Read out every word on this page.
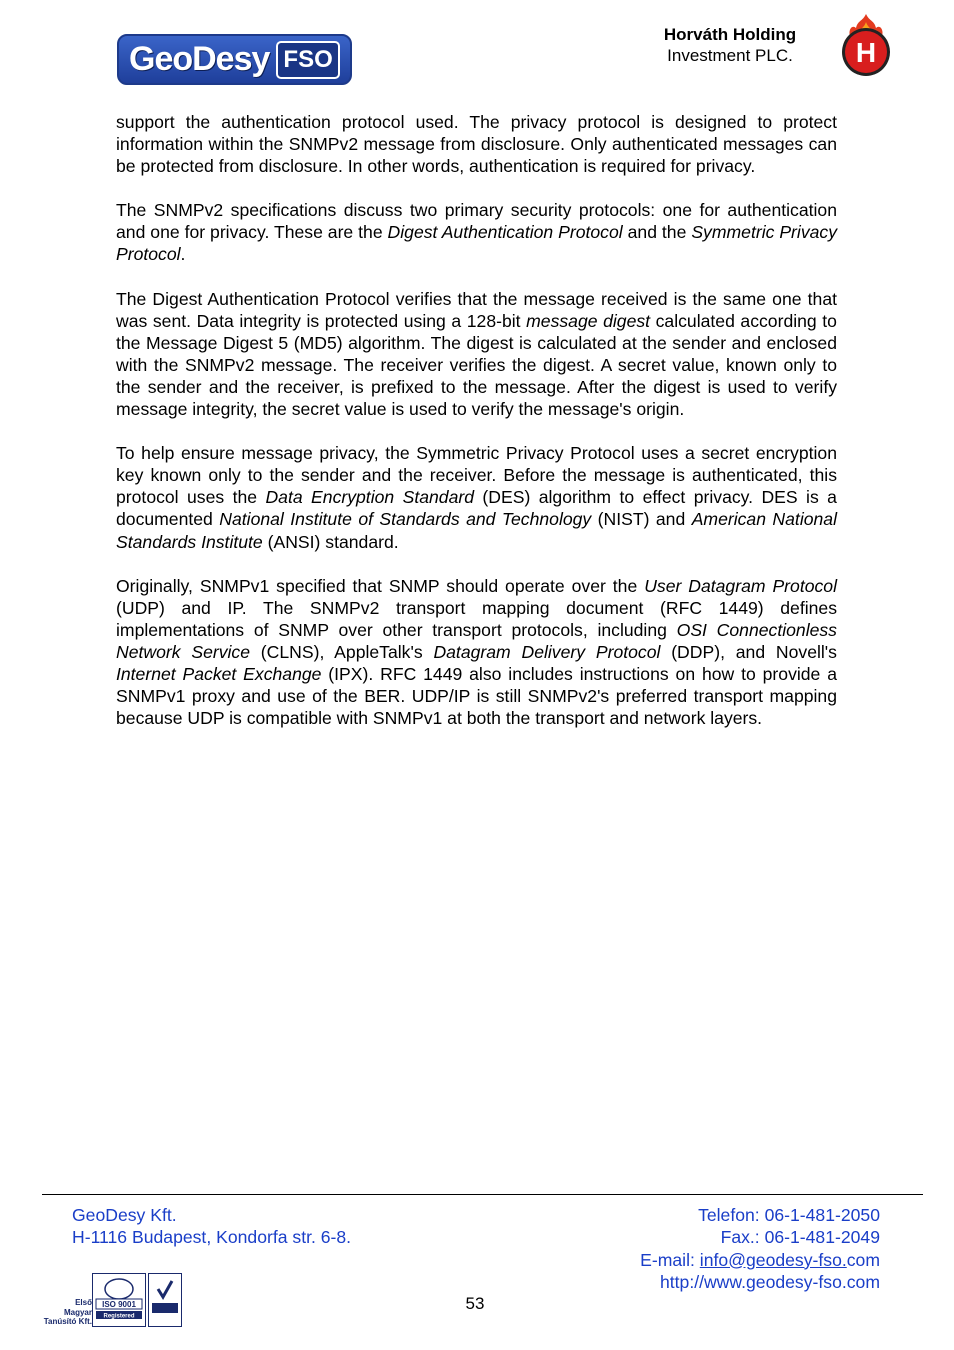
GeoDesy FSO
Horváth Holding
Investment PLC.	H

support the authentication protocol used. The privacy protocol is designed to protect information within the SNMPv2 message from disclosure. Only authenticated messages can be protected from disclosure. In other words, authentication is required for privacy.

The SNMPv2 specifications discuss two primary security protocols: one for authentication and one for privacy. These are the Digest Authentication Protocol and the Symmetric Privacy Protocol.

The Digest Authentication Protocol verifies that the message received is the same one that was sent. Data integrity is protected using a 128-bit message digest calculated according to the Message Digest 5 (MD5) algorithm. The digest is calculated at the sender and enclosed with the SNMPv2 message. The receiver verifies the digest. A secret value, known only to the sender and the receiver, is prefixed to the message. After the digest is used to verify message integrity, the secret value is used to verify the message's origin.

To help ensure message privacy, the Symmetric Privacy Protocol uses a secret encryption key known only to the sender and the receiver. Before the message is authenticated, this protocol uses the Data Encryption Standard (DES) algorithm to effect privacy. DES is a documented National Institute of Standards and Technology (NIST) and American National Standards Institute (ANSI) standard.

Originally, SNMPv1 specified that SNMP should operate over the User Datagram Protocol (UDP) and IP. The SNMPv2 transport mapping document (RFC 1449) defines implementations of SNMP over other transport protocols, including OSI Connectionless Network Service (CLNS), AppleTalk's Datagram Delivery Protocol (DDP), and Novell's Internet Packet Exchange (IPX). RFC 1449 also includes instructions on how to provide a SNMPv1 proxy and use of the BER. UDP/IP is still SNMPv2's preferred transport mapping because UDP is compatible with SNMPv1 at both the transport and network layers.

GeoDesy Kft.
H-1116 Budapest, Kondorfa str. 6-8.
Telefon: 06-1-481-2050
Fax.: 06-1-481-2049
E-mail: info@geodesy-fso.com
http://www.geodesy-fso.com
53
Első
Magyar
Tanúsító Kft.
ISO 9001
Registered
